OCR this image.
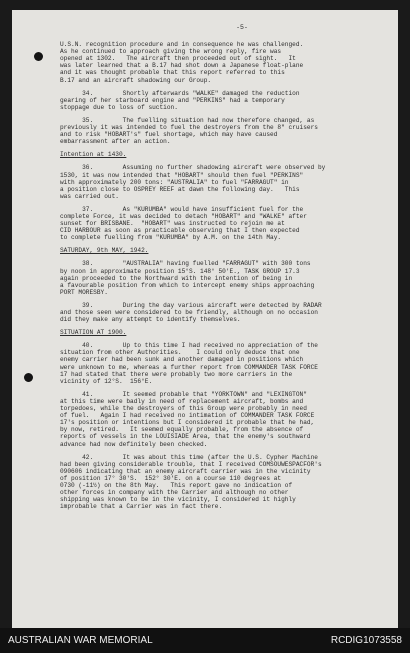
-5-
U.S.N. recognition procedure and in consequence he was challenged.
As he continued to approach giving the wrong reply, fire was
opened at 1302.   The aircraft then proceeded out of sight.   It
was later learned that a B.17 had shot down a Japanese float-plane
and it was thought probable that this report referred to this
B.17 and an aircraft shadowing our Group.
34.        Shortly afterwards "WALKE" damaged the reduction
gearing of her starboard engine and "PERKINS" had a temporary
stoppage due to loss of suction.
35.        The fuelling situation had now therefore changed, as
previously it was intended to fuel the destroyers from the 8" cruisers
and to risk "HOBART's" fuel shortage, which may have caused
embarrassment after an action.
Intention at 1430.
36.        Assuming no further shadowing aircraft were observed by
1530, it was now intended that "HOBART" should then fuel "PERKINS"
with approximately 200 tons: "AUSTRALIA" to fuel "FARRAGUT" in
a position close to OSPREY REEF at dawn the following day.   This
was carried out.
37.        As "KURUMBA" would have insufficient fuel for the
complete Force, it was decided to detach "HOBART" and "WALKE" after
sunset for BRISBANE.  "HOBART" was instructed to rejoin me at
CID HARBOUR as soon as practicable observing that I then expected
to complete fuelling from "KURUMBA" by A.M. on the 14th May.
SATURDAY, 9th MAY, 1942.
38.        "AUSTRALIA" having fuelled "FARRAGUT" with 300 tons
by noon in approximate position 15°S. 148° 50'E., TASK GROUP 17.3
again proceeded to the Northward with the intention of being in
a favourable position from which to intercept enemy ships approaching
PORT MORESBY.
39.        During the day various aircraft were detected by RADAR
and those seen were considered to be friendly, although on no occasion
did they make any attempt to identify themselves.
SITUATION AT 1900.
40.        Up to this time I had received no appreciation of the
situation from other Authorities.    I could only deduce that one
enemy carrier had been sunk and another damaged in positions which
were unknown to me, whereas a further report from COMMANDER TASK FORCE
17 had stated that there were probably two more carriers in the
vicinity of 12°S.  156°E.
41.        It seemed probable that "YORKTOWN" and "LEXINGTON"
at this time were badly in need of replacement aircraft, bombs and
torpedoes, while the destroyers of this Group were probably in need
of fuel.   Again I had received no intimation of COMMANDER TASK FORCE
17's position or intentions but I considered it probable that he had,
by now, retired.   It seemed equally probable, from the absence of
reports of vessels in the LOUISIADE Area, that the enemy's southward
advance had now definitely been checked.
42.        It was about this time (after the U.S. Cypher Machine
had been giving considerable trouble, that I received COMSOUWESPACFOR's
090606 indicating that an enemy aircraft carrier was in the vicinity
of position 17° 30'S.  152° 30'E. on a course 110 degrees at
0730 (-11½) on the 8th May.   This report gave no indication of
other forces in company with the Carrier and although no other
shipping was known to be in the vicinity, I considered it highly
improbable that a Carrier was in fact there.
AUSTRALIAN WAR MEMORIAL	RCDIG1073558
